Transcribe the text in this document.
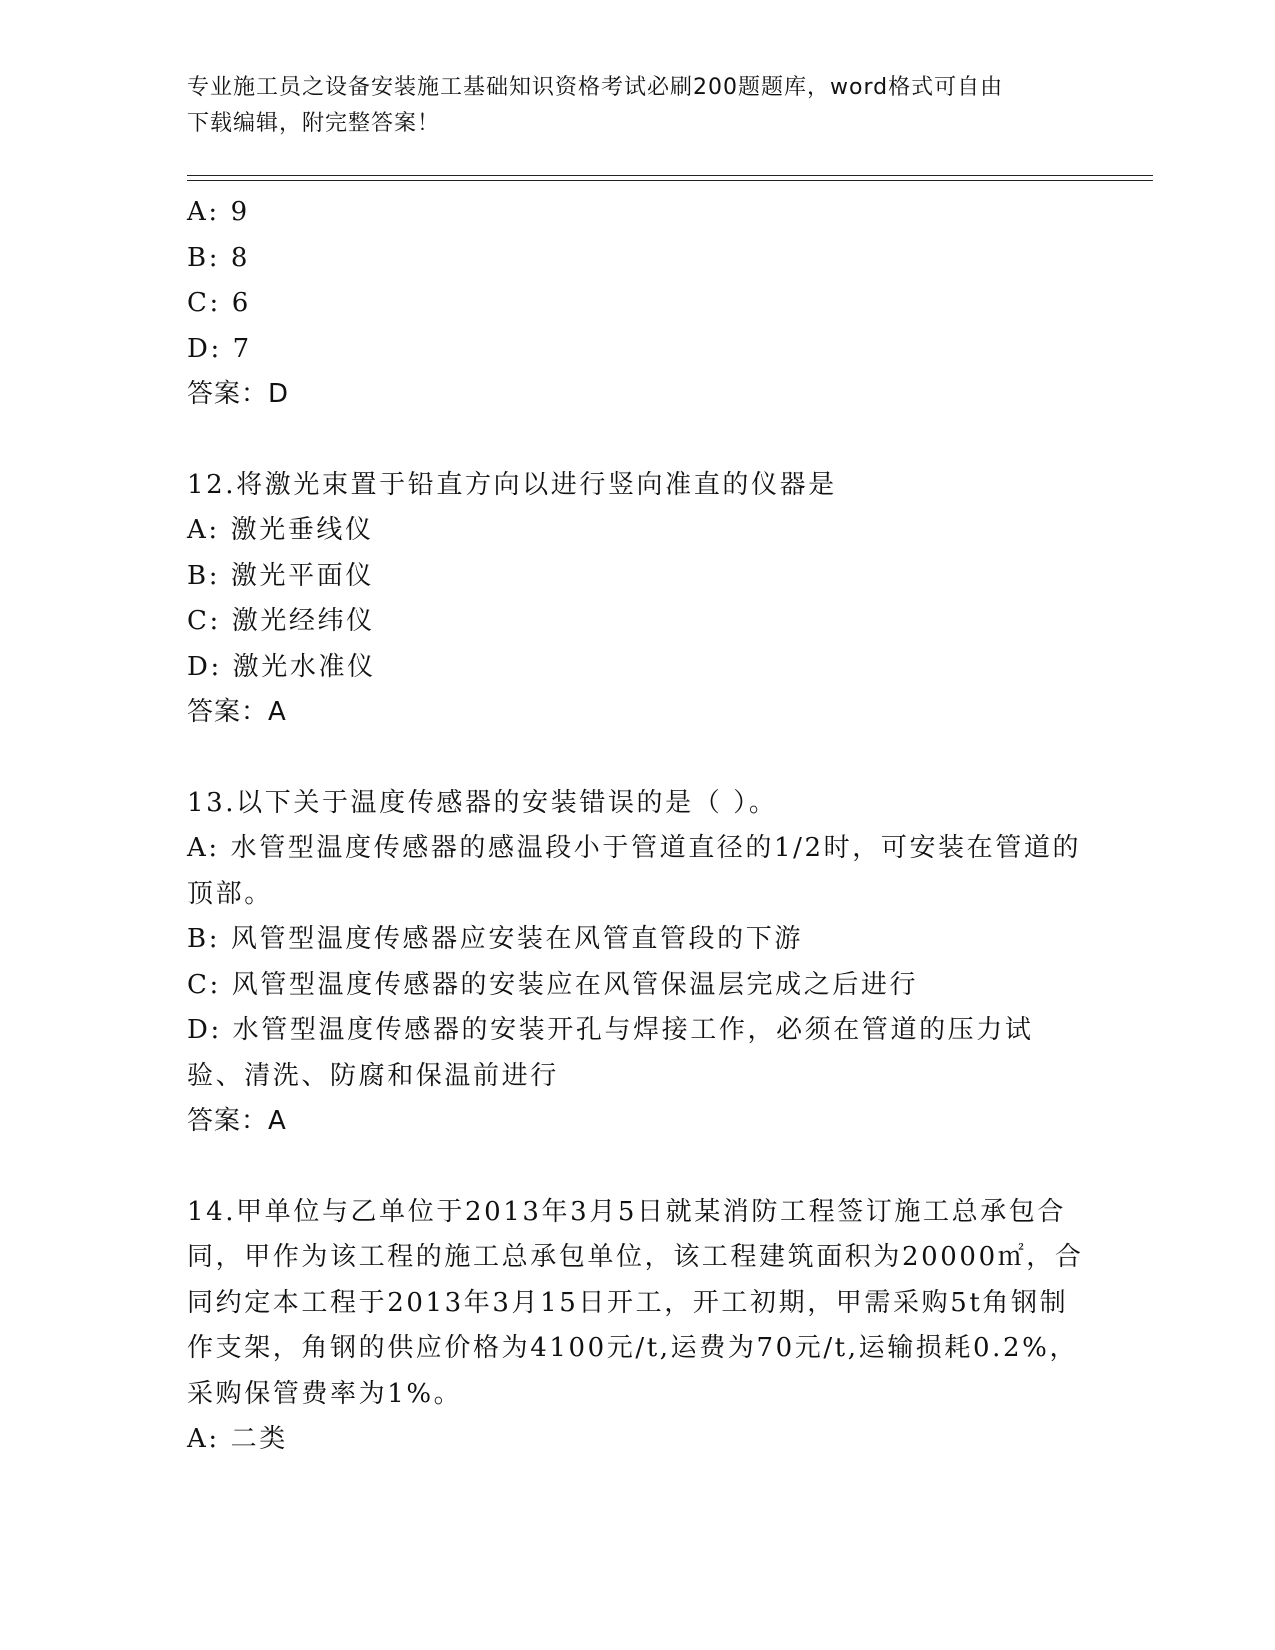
专业施工员之设备安装施工基础知识资格考试必刷200题题库，word格式可自由
下载编辑，附完整答案！
A: 9
B: 8
C: 6
D: 7
答案：D
12.将激光束置于铅直方向以进行竖向准直的仪器是
A: 激光垂线仪
B: 激光平面仪
C: 激光经纬仪
D: 激光水准仪
答案：A
13.以下关于温度传感器的安装错误的是（ ）。
A: 水管型温度传感器的感温段小于管道直径的1/2时，可安装在管道的顶部。
B: 风管型温度传感器应安装在风管直管段的下游
C: 风管型温度传感器的安装应在风管保温层完成之后进行
D: 水管型温度传感器的安装开孔与焊接工作，必须在管道的压力试验、清洗、防腐和保温前进行
答案：A
14.甲单位与乙单位于2013年3月5日就某消防工程签订施工总承包合同，甲作为该工程的施工总承包单位，该工程建筑面积为20000㎡，合同约定本工程于2013年3月15日开工，开工初期，甲需采购5t角钢制作支架，角钢的供应价格为4100元/t,运费为70元/t,运输损耗0.2%，采购保管费率为1%。
A: 二类
